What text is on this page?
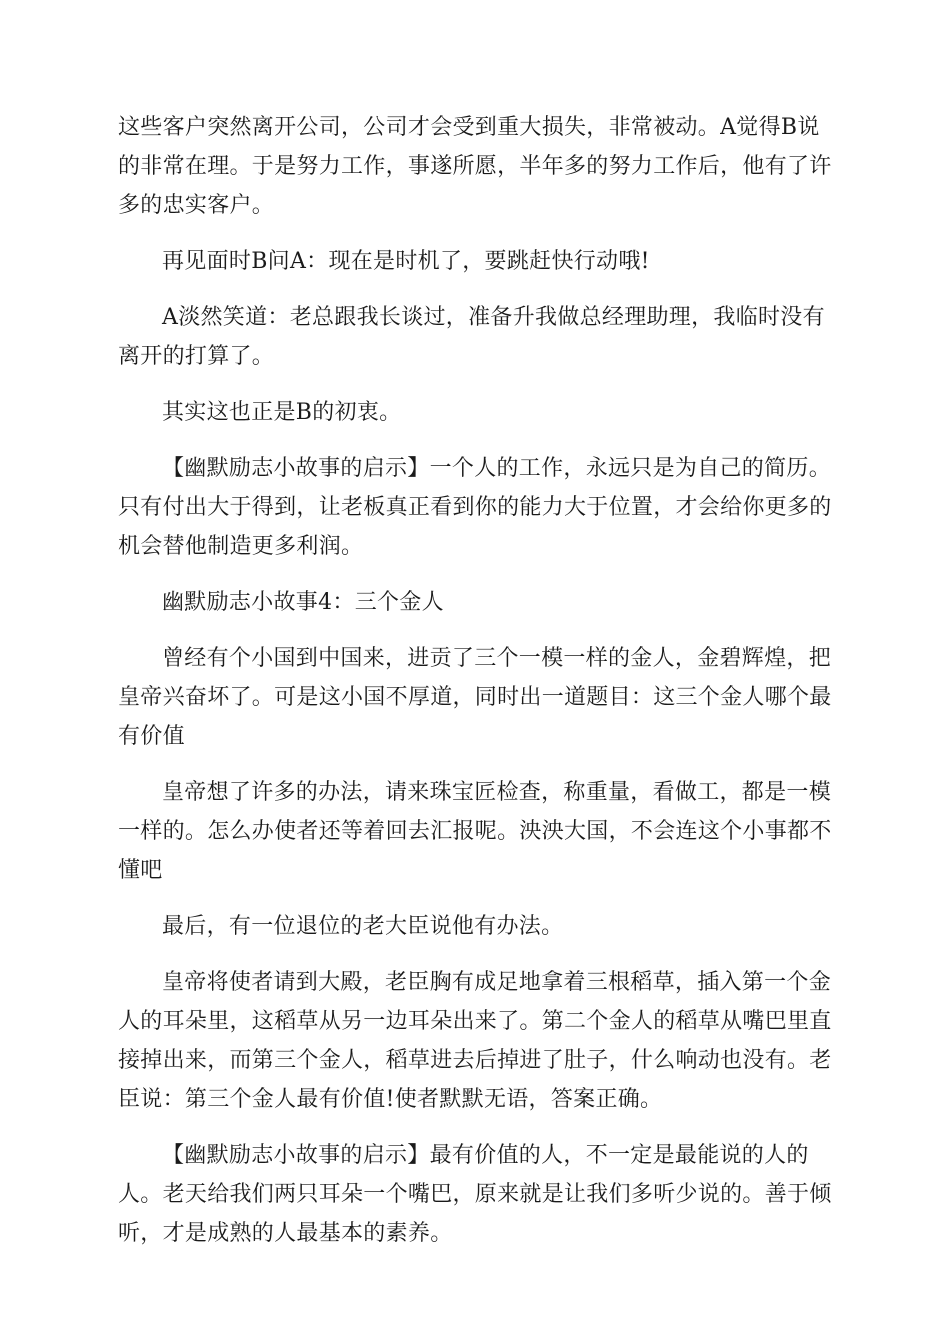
这些客户突然离开公司，公司才会受到重大损失，非常被动。A觉得B说的非常在理。于是努力工作，事遂所愿，半年多的努力工作后，他有了许多的忠实客户。

再见面时B问A：现在是时机了，要跳赶快行动哦!

A淡然笑道：老总跟我长谈过，准备升我做总经理助理，我临时没有离开的打算了。

其实这也正是B的初衷。

【幽默励志小故事的启示】一个人的工作，永远只是为自己的简历。只有付出大于得到，让老板真正看到你的能力大于位置，才会给你更多的机会替他制造更多利润。

幽默励志小故事4：三个金人

曾经有个小国到中国来，进贡了三个一模一样的金人，金碧辉煌，把皇帝兴奋坏了。可是这小国不厚道，同时出一道题目：这三个金人哪个最有价值

皇帝想了许多的办法，请来珠宝匠检查，称重量，看做工，都是一模一样的。怎么办使者还等着回去汇报呢。泱泱大国，不会连这个小事都不懂吧

最后，有一位退位的老大臣说他有办法。

皇帝将使者请到大殿，老臣胸有成足地拿着三根稻草，插入第一个金人的耳朵里，这稻草从另一边耳朵出来了。第二个金人的稻草从嘴巴里直接掉出来，而第三个金人，稻草进去后掉进了肚子，什么响动也没有。老臣说：第三个金人最有价值!使者默默无语，答案正确。

【幽默励志小故事的启示】最有价值的人，不一定是最能说的人的人。老天给我们两只耳朵一个嘴巴，原来就是让我们多听少说的。善于倾听，才是成熟的人最基本的素养。
